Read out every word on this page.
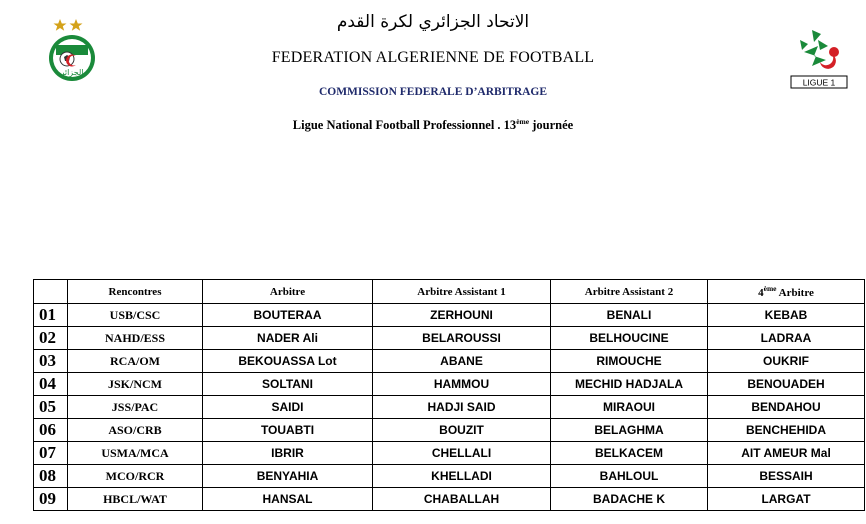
الجزائر
الاتحاد الجزائري لكرة القدم
FEDERATION ALGERIENNE DE FOOTBALL
COMMISSION FEDERALE D’ARBITRAGE
Ligue National Football Professionnel . 13ème journée
LIGUE 1
	Rencontres	Arbitre	Arbitre Assistant 1	Arbitre Assistant 2	4ème Arbitre
01	USB/CSC	BOUTERAA	ZERHOUNI	BENALI	KEBAB
02	NAHD/ESS	NADER Ali	BELAROUSSI	BELHOUCINE	LADRAA
03	RCA/OM	BEKOUASSA Lot	ABANE	RIMOUCHE	OUKRIF
04	JSK/NCM	SOLTANI	HAMMOU	MECHID HADJALA	BENOUADEH
05	JSS/PAC	SAIDI	HADJI SAID	MIRAOUI	BENDAHOU
06	ASO/CRB	TOUABTI	BOUZIT	BELAGHMA	BENCHEHIDA
07	USMA/MCA	IBRIR	CHELLALI	BELKACEM	AIT AMEUR Mal
08	MCO/RCR	BENYAHIA	KHELLADI	BAHLOUL	BESSAIH
09	HBCL/WAT	HANSAL	CHABALLAH	BADACHE K	LARGAT
